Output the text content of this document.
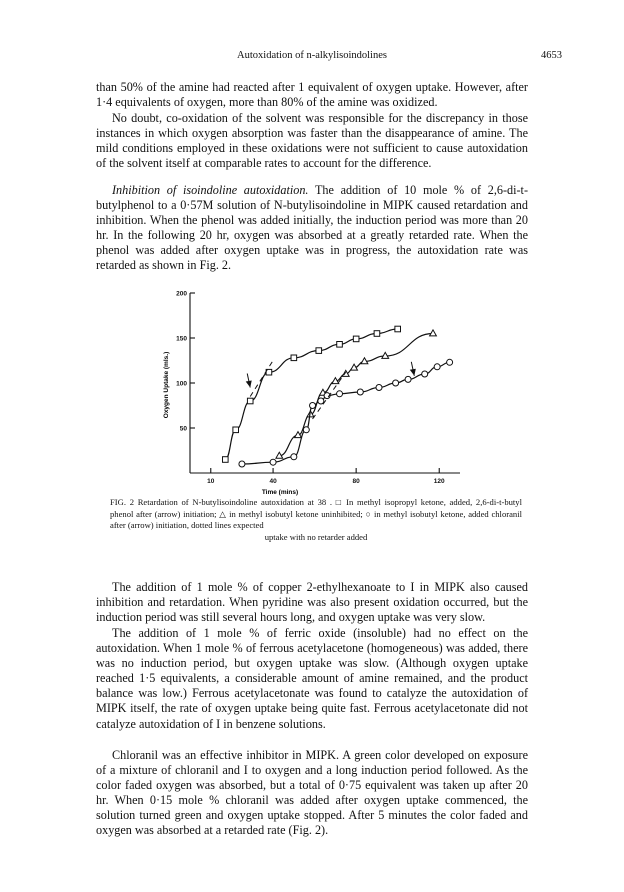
Autoxidation of n-alkylisoindolines	4653

than 50% of the amine had reacted after 1 equivalent of oxygen uptake. However, after 1·4 equivalents of oxygen, more than 80% of the amine was oxidized.

No doubt, co-oxidation of the solvent was responsible for the discrepancy in those instances in which oxygen absorption was faster than the disappearance of amine. The mild conditions employed in these oxidations were not sufficient to cause autoxidation of the solvent itself at comparable rates to account for the difference.

Inhibition of isoindoline autoxidation. The addition of 10 mole % of 2,6-di-t-butylphenol to a 0·57M solution of N-butylisoindoline in MIPK caused retardation and inhibition. When the phenol was added initially, the induction period was more than 20 hr. In the following 20 hr, oxygen was absorbed at a greatly retarded rate. When the phenol was added after oxygen uptake was in progress, the autoxidation rate was retarded as shown in Fig. 2.

Oxygen Uptake (mls.)
Time (mins)
200
150
100
50
10	40	80	120

FIG. 2 Retardation of N-butylisoindoline autoxidation at 38 . □ In methyl isopropyl ketone, added, 2,6-di-t-butyl phenol after (arrow) initiation; △ in methyl isobutyl ketone uninhibited; ○ in methyl isobutyl ketone, added chloranil after (arrow) initiation, dotted lines expected
uptake with no retarder added

The addition of 1 mole % of copper 2-ethylhexanoate to I in MIPK also caused inhibition and retardation. When pyridine was also present oxidation occurred, but the induction period was still several hours long, and oxygen uptake was very slow.

The addition of 1 mole % of ferric oxide (insoluble) had no effect on the autoxidation. When 1 mole % of ferrous acetylacetone (homogeneous) was added, there was no induction period, but oxygen uptake was slow. (Although oxygen uptake reached 1·5 equivalents, a considerable amount of amine remained, and the product balance was low.) Ferrous acetylacetonate was found to catalyze the autoxidation of MIPK itself, the rate of oxygen uptake being quite fast. Ferrous acetylacetonate did not catalyze autoxidation of I in benzene solutions.

Chloranil was an effective inhibitor in MIPK. A green color developed on exposure of a mixture of chloranil and I to oxygen and a long induction period followed. As the color faded oxygen was absorbed, but a total of 0·75 equivalent was taken up after 20 hr. When 0·15 mole % chloranil was added after oxygen uptake commenced, the solution turned green and oxygen uptake stopped. After 5 minutes the color faded and oxygen was absorbed at a retarded rate (Fig. 2).
